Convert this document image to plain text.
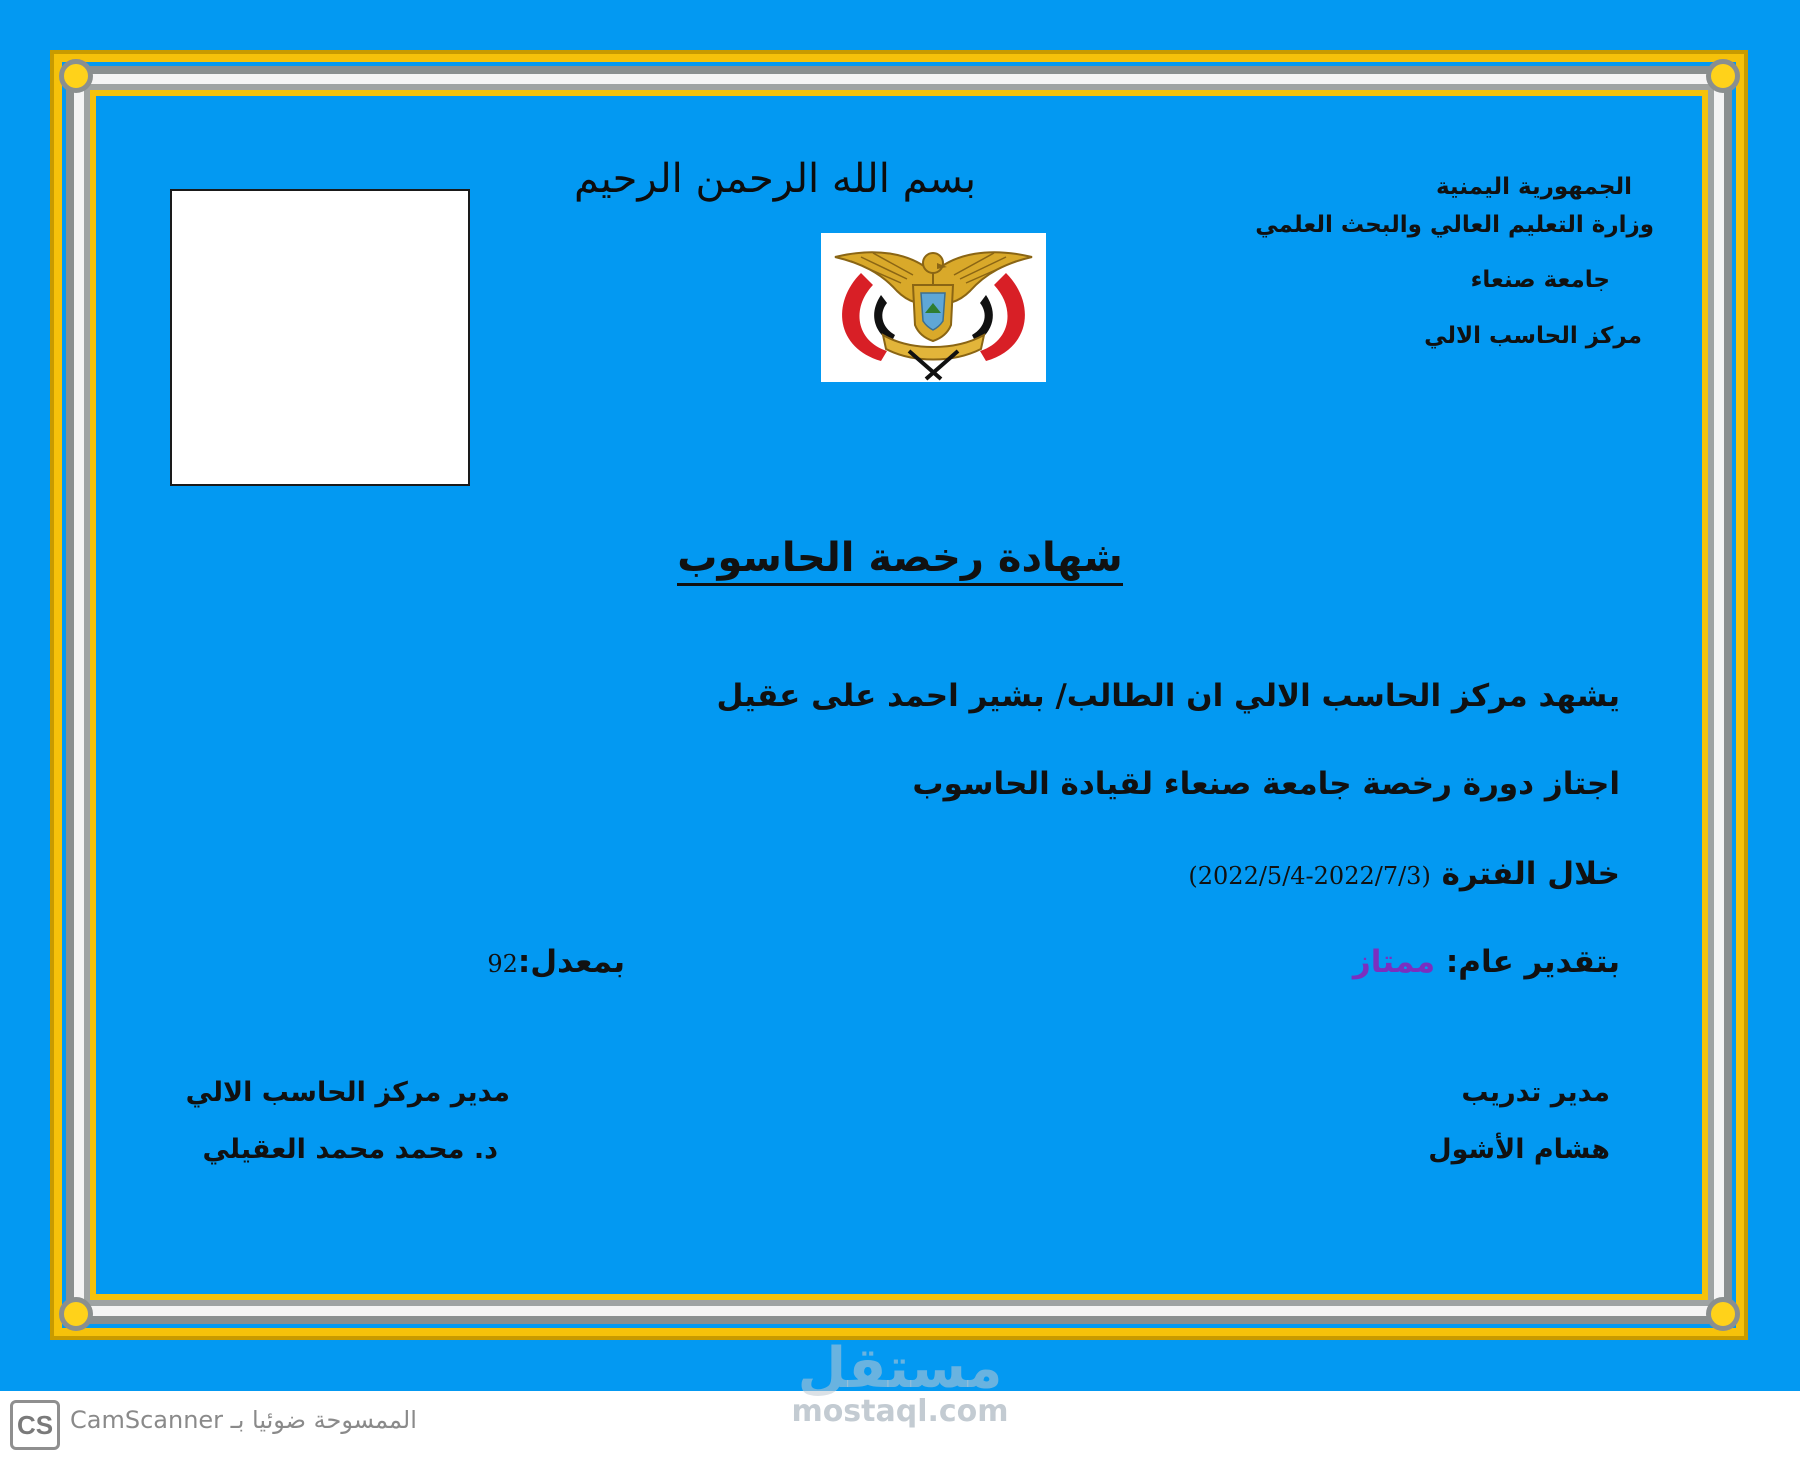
الجمهورية اليمنية
وزارة التعليم العالي والبحث العلمي
جامعة صنعاء
مركز الحاسب الالي
بسم الله الرحمن الرحيم
شهادة رخصة الحاسوب
يشهد مركز الحاسب الالي ان الطالب/ بشير احمد على عقيل
اجتاز دورة رخصة جامعة صنعاء لقيادة الحاسوب
خلال الفترة (2022/5/4-2022/7/3)
بتقدير عام: ممتاز
بمعدل:92
مدير تدريب
هشام الأشول
مدير مركز الحاسب الالي
د. محمد محمد العقيلي
CS الممسوحة ضوئيا بـ CamScanner
مستقل
mostaql.com
